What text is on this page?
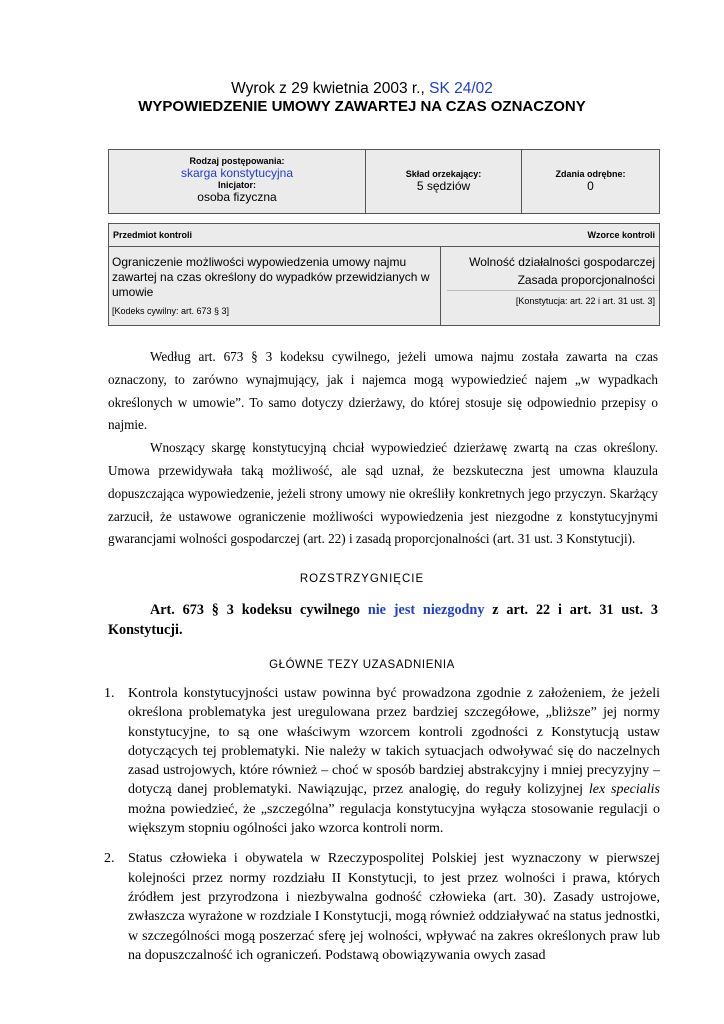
Wyrok z 29 kwietnia 2003 r., SK 24/02
WYPOWIEDZENIE UMOWY ZAWARTEJ NA CZAS OZNACZONY
Rodzaj postępowania:
skarga konstytucyjna
Inicjator:
osoba fizyczna
Skład orzekający:
5 sędziów
Zdania odrębne:
0
Przedmiot kontroli	Wzorce kontroli
Ograniczenie możliwości wypowiedzenia umowy najmu zawartej na czas określony do wypadków przewidzianych w umowie
[Kodeks cywilny: art. 673 § 3]
Wolność działalności gospodarczej
Zasada proporcjonalności
[Konstytucja: art. 22 i art. 31 ust. 3]

Według art. 673 § 3 kodeksu cywilnego, jeżeli umowa najmu została zawarta na czas oznaczony, to zarówno wynajmujący, jak i najemca mogą wypowiedzieć najem „w wypadkach określonych w umowie”. To samo dotyczy dzierżawy, do której stosuje się odpowiednio przepisy o najmie.

Wnoszący skargę konstytucyjną chciał wypowiedzieć dzierżawę zwartą na czas określony. Umowa przewidywała taką możliwość, ale sąd uznał, że bezskuteczna jest umowna klauzula dopuszczająca wypowiedzenie, jeżeli strony umowy nie określiły konkretnych jego przyczyn. Skarżący zarzucił, że ustawowe ograniczenie możliwości wypowiedzenia jest niezgodne z konstytucyjnymi gwarancjami wolności gospodarczej (art. 22) i zasadą proporcjonalności (art. 31 ust. 3 Konstytucji).

ROZSTRZYGNIĘCIE
Art. 673 § 3 kodeksu cywilnego nie jest niezgodny z art. 22 i art. 31 ust. 3 Konstytucji.
GŁÓWNE TEZY UZASADNIENIA
1. Kontrola konstytucyjności ustaw powinna być prowadzona zgodnie z założeniem, że jeżeli określona problematyka jest uregulowana przez bardziej szczegółowe, „bliższe” jej normy konstytucyjne, to są one właściwym wzorcem kontroli zgodności z Konstytucją ustaw dotyczących tej problematyki. Nie należy w takich sytuacjach odwoływać się do naczelnych zasad ustrojowych, które również – choć w sposób bardziej abstrakcyjny i mniej precyzyjny – dotyczą danej problematyki. Nawiązując, przez analogię, do reguły kolizyjnej lex specialis można powiedzieć, że „szczególna” regulacja konstytucyjna wyłącza stosowanie regulacji o większym stopniu ogólności jako wzorca kontroli norm.
2. Status człowieka i obywatela w Rzeczypospolitej Polskiej jest wyznaczony w pierwszej kolejności przez normy rozdziału II Konstytucji, to jest przez wolności i prawa, których źródłem jest przyrodzona i niezbywalna godność człowieka (art. 30). Zasady ustrojowe, zwłaszcza wyrażone w rozdziale I Konstytucji, mogą również oddziaływać na status jednostki, w szczególności mogą poszerzać sferę jej wolności, wpływać na zakres określonych praw lub na dopuszczalność ich ograniczeń. Podstawą obowiązywania owych zasad
